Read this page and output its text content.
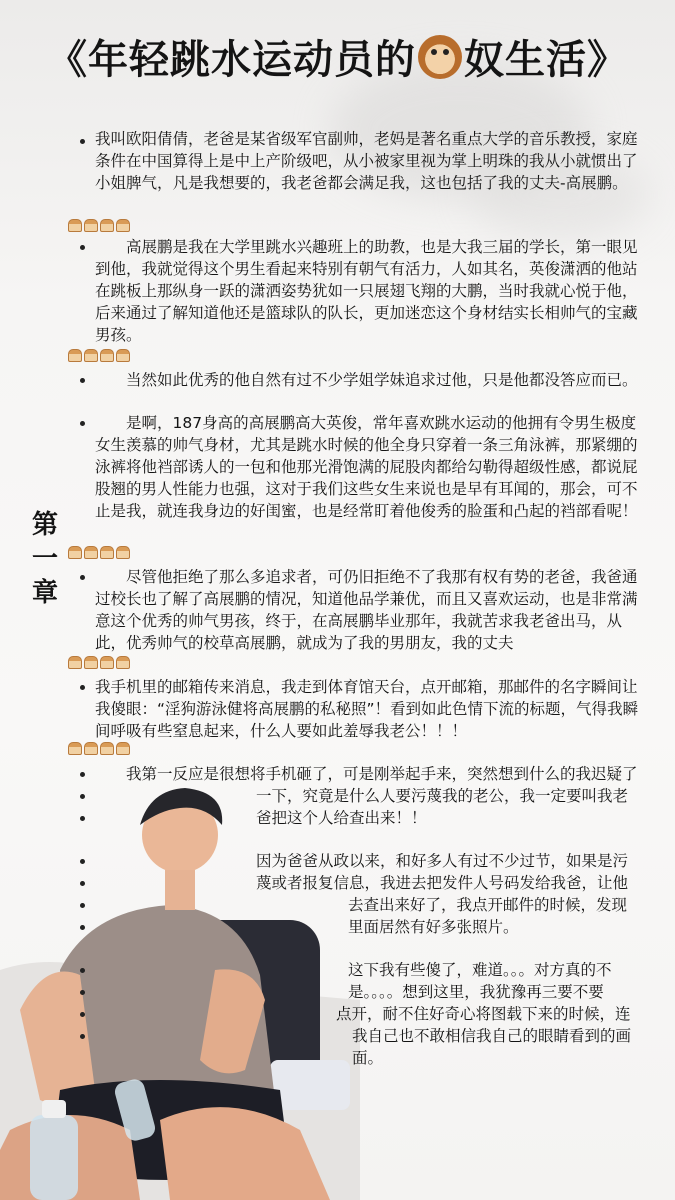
《年轻跳水运动员的 奴生活》
第一章

我叫欧阳倩倩，老爸是某省级军官副帅，老妈是著名重点大学的音乐教授，家庭条件在中国算得上是中上产阶级吧，从小被家里视为掌上明珠的我从小就惯出了小姐脾气，凡是我想要的，我老爸都会满足我，这也包括了我的丈夫-高展鹏。

高展鹏是我在大学里跳水兴趣班上的助教，也是大我三届的学长，第一眼见到他，我就觉得这个男生看起来特别有朝气有活力，人如其名，英俊潇洒的他站在跳板上那纵身一跃的潇洒姿势犹如一只展翅飞翔的大鹏，当时我就心悦于他，后来通过了解知道他还是篮球队的队长，更加迷恋这个身材结实长相帅气的宝藏男孩。

当然如此优秀的他自然有过不少学姐学妹追求过他，只是他都没答应而已。

是啊，187身高的高展鹏高大英俊，常年喜欢跳水运动的他拥有令男生极度女生羡慕的帅气身材，尤其是跳水时候的他全身只穿着一条三角泳裤，那紧绷的泳裤将他裆部诱人的一包和他那光滑饱满的屁股肉都给勾勒得超级性感，都说屁股翘的男人性能力也强，这对于我们这些女生来说也是早有耳闻的，那会，可不止是我，就连我身边的好闺蜜，也是经常盯着他俊秀的脸蛋和凸起的裆部看呢！

尽管他拒绝了那么多追求者，可仍旧拒绝不了我那有权有势的老爸，我爸通过校长也了解了高展鹏的情况，知道他品学兼优，而且又喜欢运动，也是非常满意这个优秀的帅气男孩，终于，在高展鹏毕业那年，我就苦求我老爸出马，从此，优秀帅气的校草高展鹏，就成为了我的男朋友，我的丈夫

我手机里的邮箱传来消息，我走到体育馆天台，点开邮箱，那邮件的名字瞬间让我傻眼：“淫狗游泳健将高展鹏的私秘照”！看到如此色情下流的标题，气得我瞬间呼吸有些窒息起来，什么人要如此羞辱我老公！！！

我第一反应是很想将手机砸了，可是刚举起手来，突然想到什么的我迟疑了

一下，究竟是什么人要污蔑我的老公，我一定要叫我老

爸把这个人给查出来！！

因为爸爸从政以来，和好多人有过不少过节，如果是污

蔑或者报复信息，我进去把发件人号码发给我爸，让他

去查出来好了，我点开邮件的时候，发现

里面居然有好多张照片。

这下我有些傻了，难道。。。对方真的不

是。。。。想到这里，我犹豫再三要不要

点开，耐不住好奇心将图载下来的时候，连

我自己也不敢相信我自己的眼睛看到的画

面。
